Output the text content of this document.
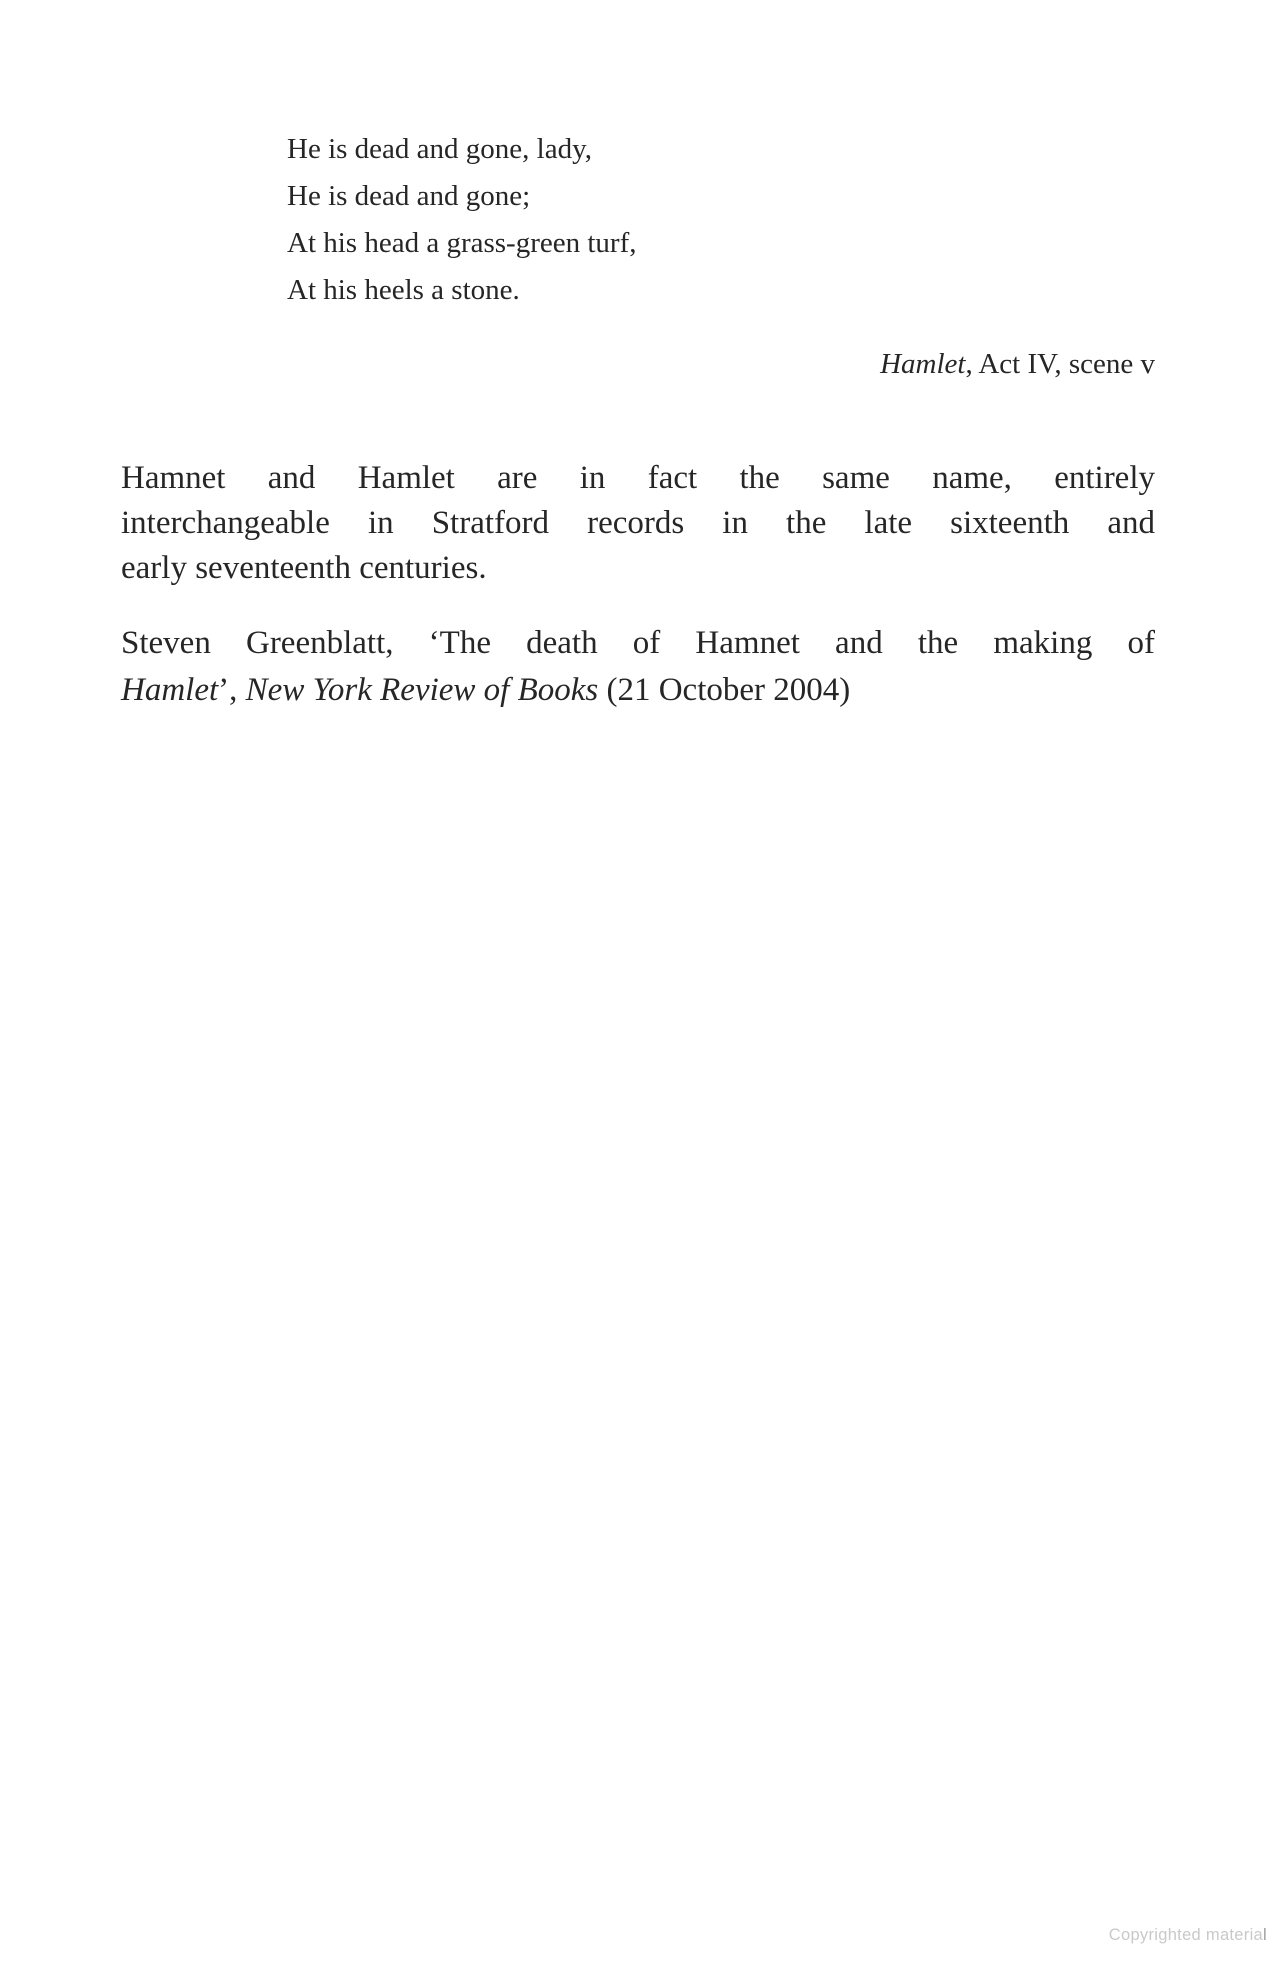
He is dead and gone, lady,
He is dead and gone;
At his head a grass-green turf,
At his heels a stone.
Hamlet, Act IV, scene v
Hamnet and Hamlet are in fact the same name, entirely
interchangeable in Stratford records in the late sixteenth and
early seventeenth centuries.
Steven Greenblatt, ‘The death of Hamnet and the making of
Hamlet’, New York Review of Books (21 October 2004)
Copyrighted material
